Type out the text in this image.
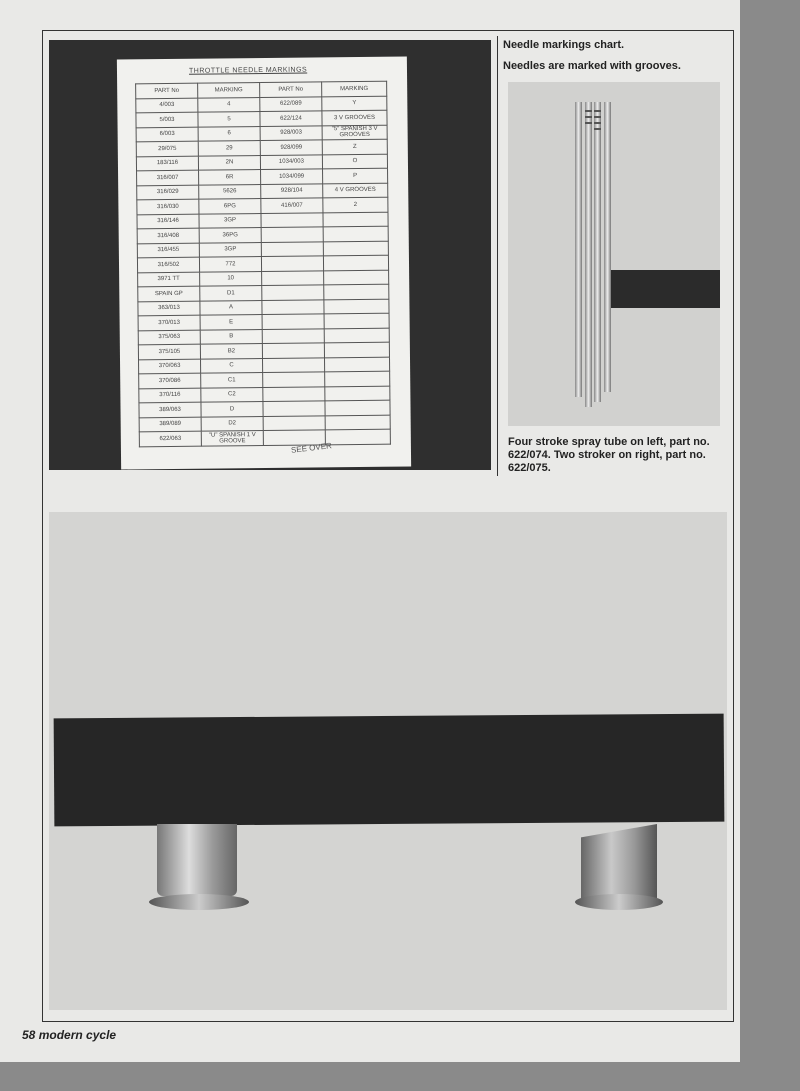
THROTTLE NEEDLE MARKINGS
PART No	MARKING	PART No	MARKING
4/003	4	622/089	Y
5/003	5	622/124	3 V GROOVES
6/003	6	928/003	"5" SPANISH 3 V GROOVES
29/075	29	928/099	Z
183/116	2N	1034/003	O
316/007	6R	1034/099	P
316/029	5626	928/104	4 V GROOVES
316/030	6PG	416/007	2
316/146	3GP		
316/408	36PG		
316/455	3GP		
316/502	772		
3971 TT	10		
SPAIN GP	D1		
363/013	A		
370/013	E		
375/063	B		
375/105	B2		
370/063	C		
370/086	C1		
370/116	C2		
389/063	D		
389/089	D2		
622/063	"U" SPANISH 1 V GROOVE		
SEE OVER

Needle markings chart.

Needles are marked with grooves.

Four stroke spray tube on left, part no. 622/074. Two stroker on right, part no. 622/075.

58 modern cycle
